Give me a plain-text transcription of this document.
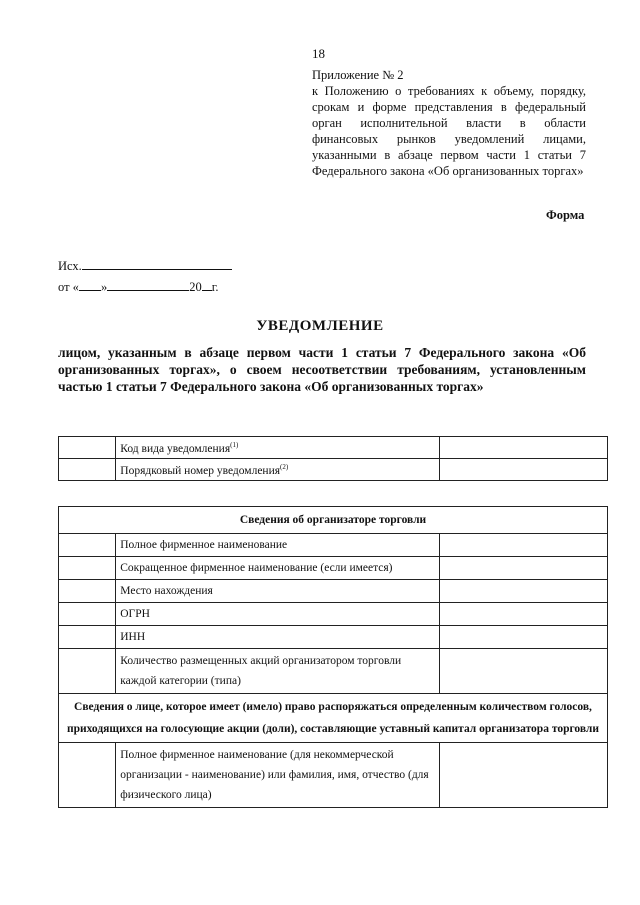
18
Приложение № 2
к Положению о требованиях к объему, порядку, срокам и форме представления в федеральный орган исполнительной власти в области финансовых рынков уведомлений лицами, указанными в абзаце первом части 1 статьи 7 Федерального закона «Об организованных торгах»
Форма
Исх.
от « »	20 г.
УВЕДОМЛЕНИЕ
лицом, указанным в абзаце первом части 1 статьи 7 Федерального закона «Об организованных торгах», о своем несоответствии требованиям, установленным частью 1 статьи 7 Федерального закона «Об организованных торгах»
	Код вида уведомления$^{(1)}$	
	Порядковый номер уведомления$^{(2)}$	
Сведения об организаторе торговли		
	Полное фирменное наименование	
	Сокращенное фирменное наименование (если имеется)	
	Место нахождения	
	ОГРН	
	ИНН	
	Количество размещенных акций организатором торговли каждой категории (типа)	
Сведения о лице, которое имеет (имело) право распоряжаться определенным количеством голосов, приходящихся на голосующие акции (доли), составляющие уставный капитал организатора торговли		
	Полное фирменное наименование (для некоммерческой организации - наименование) или фамилия, имя, отчество (для физического лица)	
